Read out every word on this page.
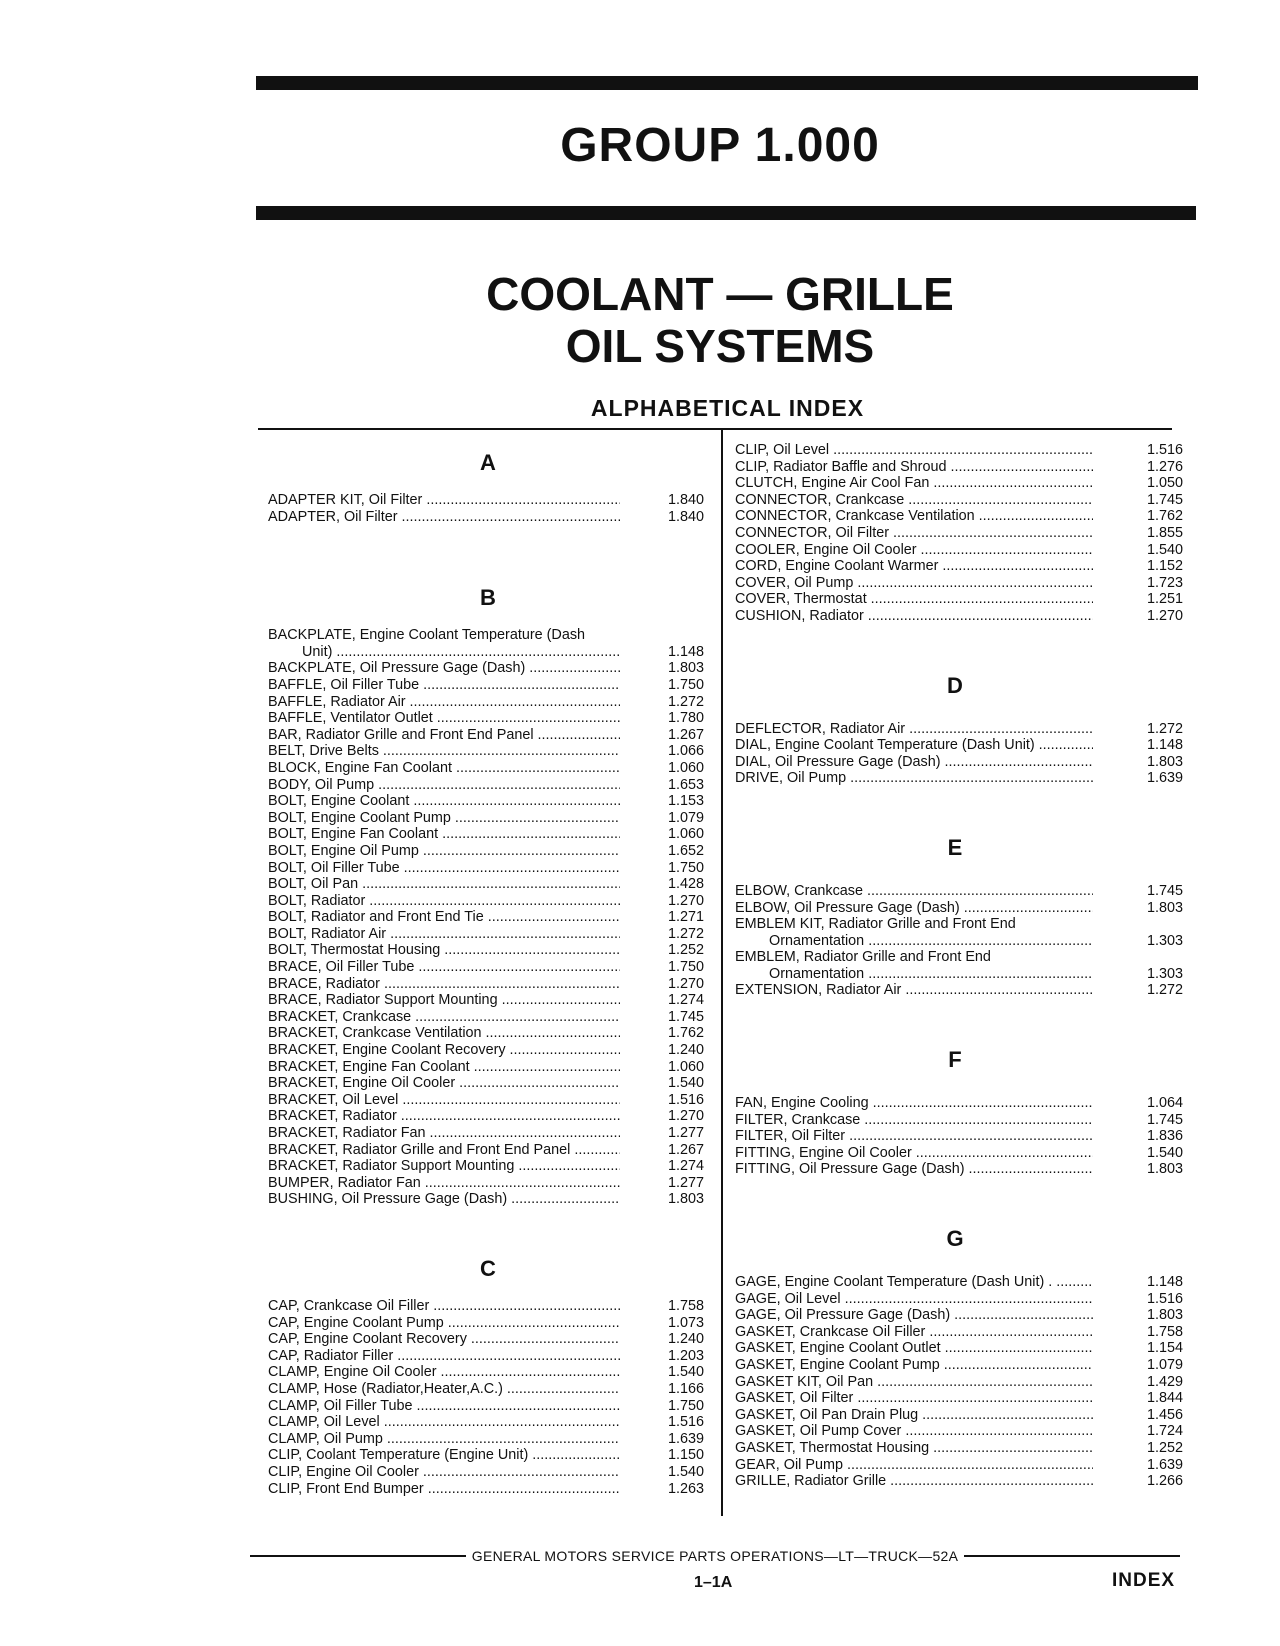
GROUP 1.000
COOLANT — GRILLE
OIL SYSTEMS
ALPHABETICAL INDEX
A
ADAPTER KIT, Oil Filter .....	1.840
ADAPTER, Oil Filter .....	1.840
B
BACKPLATE, Engine Coolant Temperature (Dash
Unit) .....	1.148
BACKPLATE, Oil Pressure Gage (Dash) .....	1.803
BAFFLE, Oil Filler Tube .....	1.750
BAFFLE, Radiator Air .....	1.272
BAFFLE, Ventilator Outlet .....	1.780
BAR, Radiator Grille and Front End Panel .....	1.267
BELT, Drive Belts .....	1.066
BLOCK, Engine Fan Coolant .....	1.060
BODY, Oil Pump .....	1.653
BOLT, Engine Coolant .....	1.153
BOLT, Engine Coolant Pump .....	1.079
BOLT, Engine Fan Coolant .....	1.060
BOLT, Engine Oil Pump .....	1.652
BOLT, Oil Filler Tube .....	1.750
BOLT, Oil Pan .....	1.428
BOLT, Radiator .....	1.270
BOLT, Radiator and Front End Tie .....	1.271
BOLT, Radiator Air .....	1.272
BOLT, Thermostat Housing .....	1.252
BRACE, Oil Filler Tube .....	1.750
BRACE, Radiator .....	1.270
BRACE, Radiator Support Mounting .....	1.274
BRACKET, Crankcase .....	1.745
BRACKET, Crankcase Ventilation .....	1.762
BRACKET, Engine Coolant Recovery .....	1.240
BRACKET, Engine Fan Coolant .....	1.060
BRACKET, Engine Oil Cooler .....	1.540
BRACKET, Oil Level .....	1.516
BRACKET, Radiator .....	1.270
BRACKET, Radiator Fan .....	1.277
BRACKET, Radiator Grille and Front End Panel .....	1.267
BRACKET, Radiator Support Mounting .....	1.274
BUMPER, Radiator Fan .....	1.277
BUSHING, Oil Pressure Gage (Dash) .....	1.803
C
CAP, Crankcase Oil Filler .....	1.758
CAP, Engine Coolant Pump .....	1.073
CAP, Engine Coolant Recovery .....	1.240
CAP, Radiator Filler .....	1.203
CLAMP, Engine Oil Cooler .....	1.540
CLAMP, Hose (Radiator,Heater,A.C.) .....	1.166
CLAMP, Oil Filler Tube .....	1.750
CLAMP, Oil Level .....	1.516
CLAMP, Oil Pump .....	1.639
CLIP, Coolant Temperature (Engine Unit) .....	1.150
CLIP, Engine Oil Cooler .....	1.540
CLIP, Front End Bumper .....	1.263
CLIP, Oil Level .....	1.516
CLIP, Radiator Baffle and Shroud .....	1.276
CLUTCH, Engine Air Cool Fan .....	1.050
CONNECTOR, Crankcase .....	1.745
CONNECTOR, Crankcase Ventilation .....	1.762
CONNECTOR, Oil Filter .....	1.855
COOLER, Engine Oil Cooler .....	1.540
CORD, Engine Coolant Warmer .....	1.152
COVER, Oil Pump .....	1.723
COVER, Thermostat .....	1.251
CUSHION, Radiator .....	1.270
D
DEFLECTOR, Radiator Air .....	1.272
DIAL, Engine Coolant Temperature (Dash Unit) .....	1.148
DIAL, Oil Pressure Gage (Dash) .....	1.803
DRIVE, Oil Pump .....	1.639
E
ELBOW, Crankcase .....	1.745
ELBOW, Oil Pressure Gage (Dash) .....	1.803
EMBLEM KIT, Radiator Grille and Front End
Ornamentation .....	1.303
EMBLEM, Radiator Grille and Front End
Ornamentation .....	1.303
EXTENSION, Radiator Air .....	1.272
F
FAN, Engine Cooling .....	1.064
FILTER, Crankcase .....	1.745
FILTER, Oil Filter .....	1.836
FITTING, Engine Oil Cooler .....	1.540
FITTING, Oil Pressure Gage (Dash) .....	1.803
G
GAGE, Engine Coolant Temperature (Dash Unit) . .....	1.148
GAGE, Oil Level .....	1.516
GAGE, Oil Pressure Gage (Dash) .....	1.803
GASKET, Crankcase Oil Filler .....	1.758
GASKET, Engine Coolant Outlet .....	1.154
GASKET, Engine Coolant Pump .....	1.079
GASKET KIT, Oil Pan .....	1.429
GASKET, Oil Filter .....	1.844
GASKET, Oil Pan Drain Plug .....	1.456
GASKET, Oil Pump Cover .....	1.724
GASKET, Thermostat Housing .....	1.252
GEAR, Oil Pump .....	1.639
GRILLE, Radiator Grille .....	1.266
GENERAL MOTORS SERVICE PARTS OPERATIONS—LT—TRUCK—52A
1–1A	INDEX
